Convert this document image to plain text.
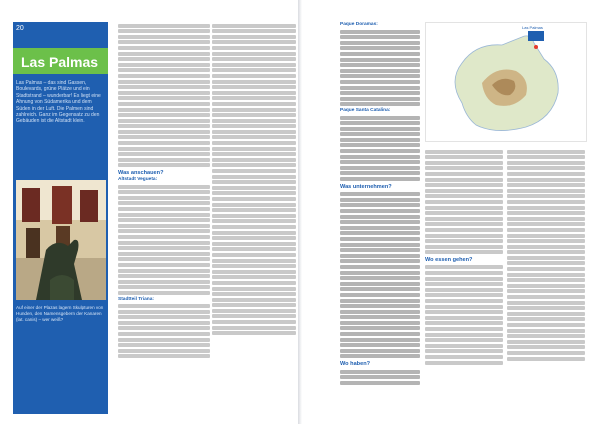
20
Las Palmas
Las Palmas – das sind Gassen, Boulevards, grüne Plätze und ein Stadtstrand – wunderbar! Es liegt eine Ahnung von Südamerika und dem Süden in der Luft. Die Palmen sind zahlreich. Ganz im Gegensatz zu den Gebäuden ist die Altstadt klein.
Auf einer der Plazas lagern Skulpturen von Hunden, den Namensgebern der Kanaren (lat. canis) – wer weiß?
Was anschauen?
Altstadt Vegueta:
Stadtteil Triana:
Paque Doramas:
Paque Santa Catalina:
Was unternehmen?
Wo haben?
Las Palmas
Wo essen gehen?
